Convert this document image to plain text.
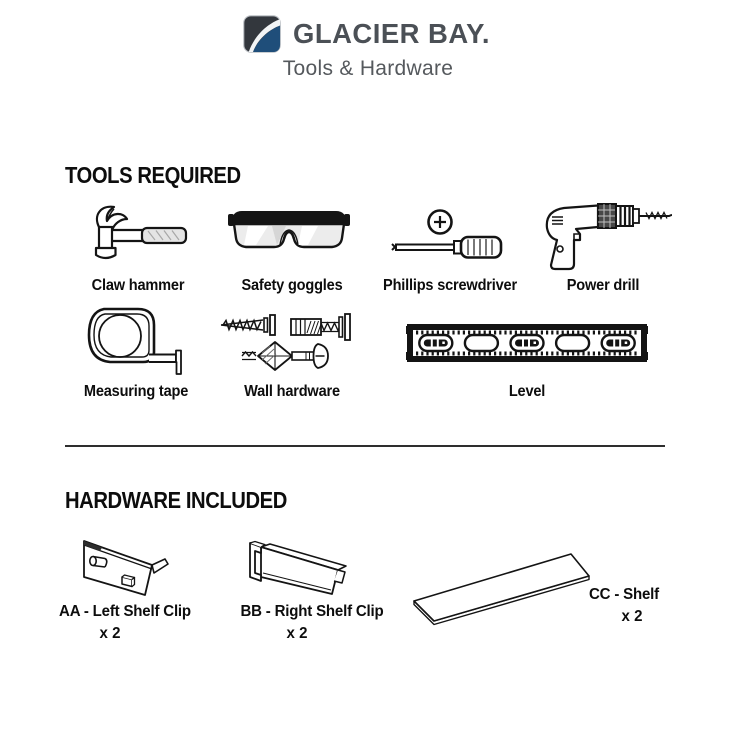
GLACIER BAY.
Tools & Hardware
TOOLS REQUIRED
Claw hammer	Safety goggles	Phillips screwdriver	Power drill
Measuring tape	Wall hardware	Level
HARDWARE INCLUDED
AA - Left Shelf Clip
x 2
BB - Right Shelf Clip
x 2
CC - Shelf
x 2
